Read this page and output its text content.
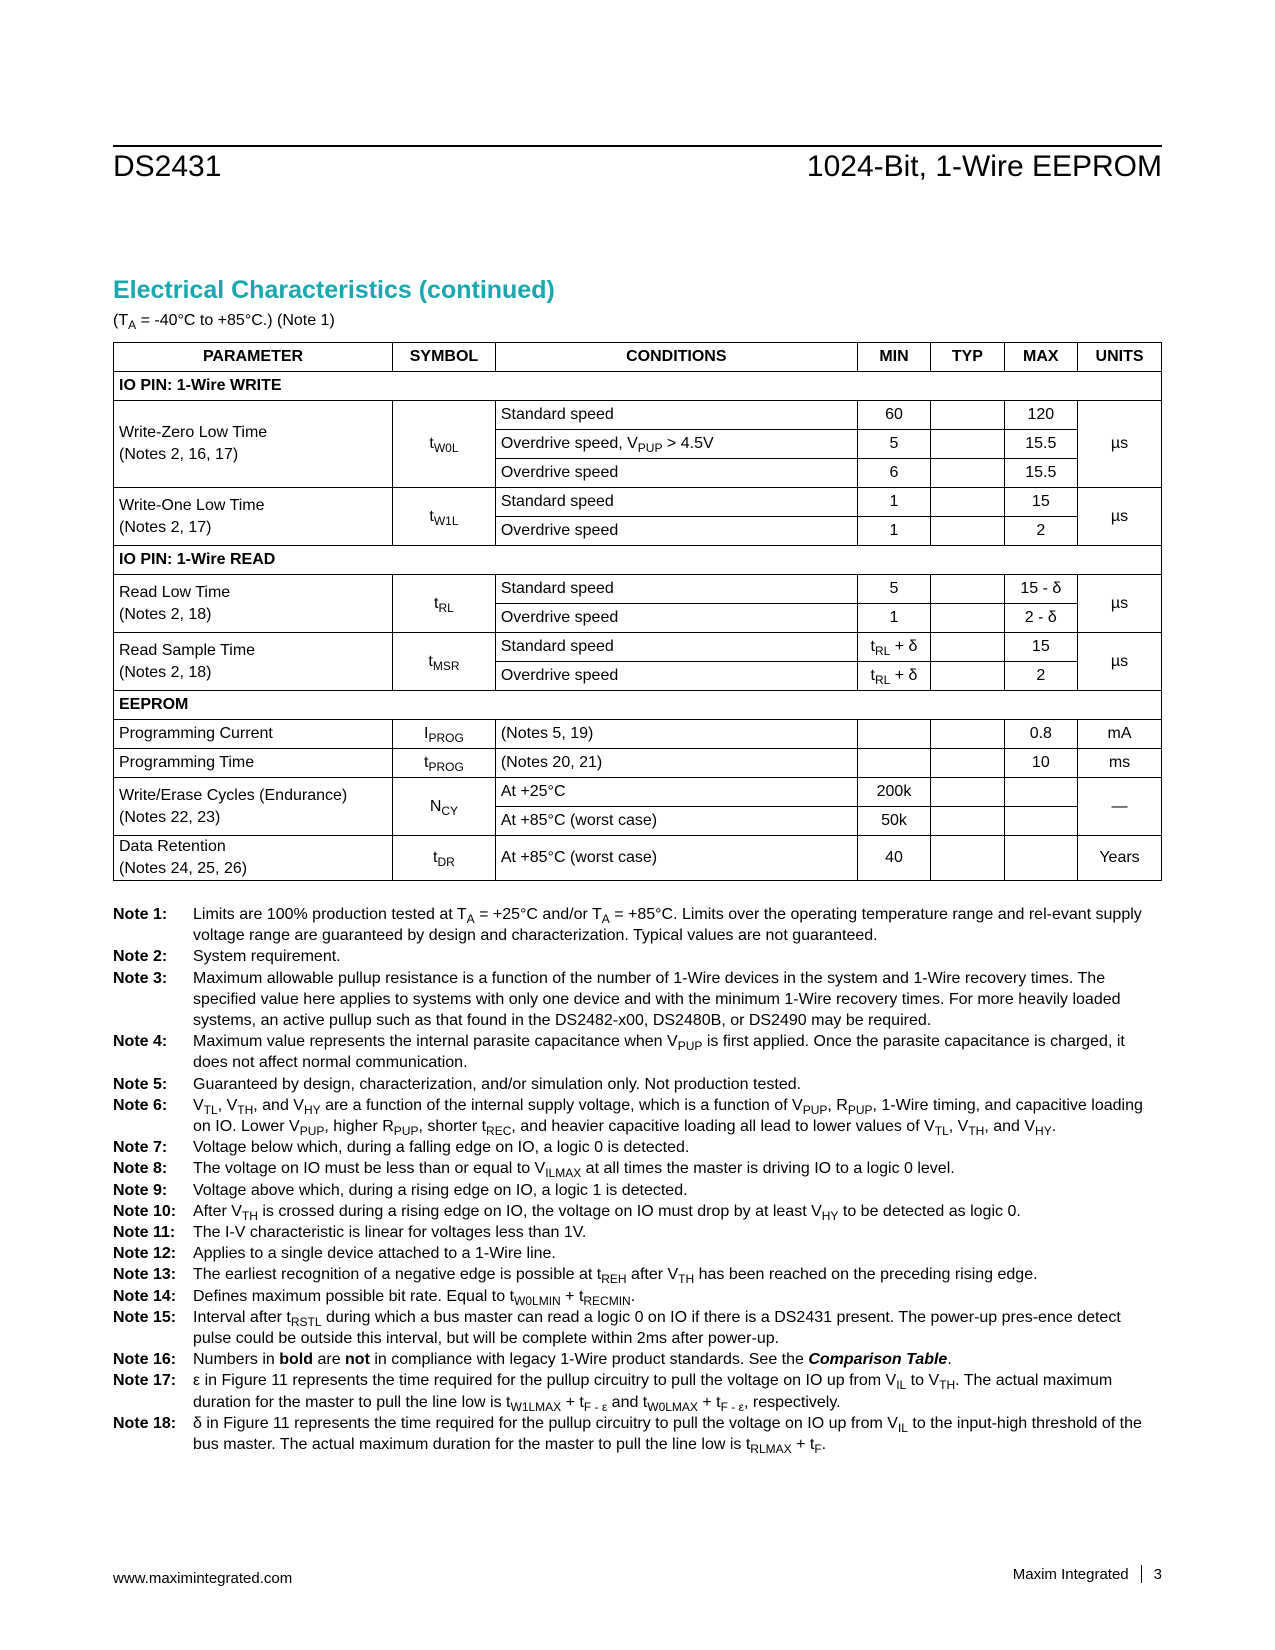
DS2431	1024-Bit, 1-Wire EEPROM
Electrical Characteristics (continued)
($T_A = -40^\circ C$ to +85°C.) (Note 1)
PARAMETER	SYMBOL	CONDITIONS	MIN	TYP	MAX	UNITS
IO PIN: 1-Wire WRITE						
Write-Zero Low Time
(Notes 2, 16, 17)	$t_{W0L}$	Standard speed	60		120	µs
		Overdrive speed, $V_{PUP} > 4.5V$	5		15.5	
		Overdrive speed	6		15.5	
Write-One Low Time
(Notes 2, 17)	$t_{W1L}$	Standard speed	1		15	µs
		Overdrive speed	1		2	
IO PIN: 1-Wire READ						
Read Low Time
(Notes 2, 18)	$t_{RL}$	Standard speed	5		15 - δ	µs
		Overdrive speed	1		2 - δ	
Read Sample Time
(Notes 2, 18)	$t_{MSR}$	Standard speed	$t_{RL} + \delta$		15	µs
		Overdrive speed	$t_{RL} + \delta$		2	
EEPROM						
Programming Current	$I_{PROG}$	(Notes 5, 19)			0.8	mA
Programming Time	$t_{PROG}$	(Notes 20, 21)			10	ms
Write/Erase Cycles (Endurance)
(Notes 22, 23)	$N_{CY}$	At +25°C	200k			—
		At +85°C (worst case)	50k			
Data Retention
(Notes 24, 25, 26)	$t_{DR}$	At +85°C (worst case)	40			Years
Note 1:	Limits are 100% production tested at $T_A = +25^\circ C$ and/or $T_A = +85^\circ C$. Limits over the operating temperature range and rel-evant supply voltage range are guaranteed by design and characterization. Typical values are not guaranteed.
Note 2:	System requirement.
Note 3:	Maximum allowable pullup resistance is a function of the number of 1-Wire devices in the system and 1-Wire recovery times. The specified value here applies to systems with only one device and with the minimum 1-Wire recovery times. For more heavily loaded systems, an active pullup such as that found in the DS2482-x00, DS2480B, or DS2490 may be required.
Note 4:	Maximum value represents the internal parasite capacitance when $V_{PUP}$ is first applied. Once the parasite capacitance is charged, it does not affect normal communication.
Note 5:	Guaranteed by design, characterization, and/or simulation only. Not production tested.
Note 6:	$V_{TL}$, $V_{TH}$, and $V_{HY}$ are a function of the internal supply voltage, which is a function of $V_{PUP}$, $R_{PUP}$, 1-Wire timing, and capacitive loading on IO. Lower $V_{PUP}$, higher $R_{PUP}$, shorter $t_{REC}$, and heavier capacitive loading all lead to lower values of $V_{TL}$, $V_{TH}$, and $V_{HY}$.
Note 7:	Voltage below which, during a falling edge on IO, a logic 0 is detected.
Note 8:	The voltage on IO must be less than or equal to $V_{ILMAX}$ at all times the master is driving IO to a logic 0 level.
Note 9:	Voltage above which, during a rising edge on IO, a logic 1 is detected.
Note 10:	After $V_{TH}$ is crossed during a rising edge on IO, the voltage on IO must drop by at least $V_{HY}$ to be detected as logic 0.
Note 11:	The I-V characteristic is linear for voltages less than 1V.
Note 12:	Applies to a single device attached to a 1-Wire line.
Note 13:	The earliest recognition of a negative edge is possible at $t_{REH}$ after $V_{TH}$ has been reached on the preceding rising edge.
Note 14:	Defines maximum possible bit rate. Equal to $t_{W0LMIN} + t_{RECMIN}$.
Note 15:	Interval after $t_{RSTL}$ during which a bus master can read a logic 0 on IO if there is a DS2431 present. The power-up pres-ence detect pulse could be outside this interval, but will be complete within 2ms after power-up.
Note 16:	Numbers in bold are not in compliance with legacy 1-Wire product standards. See the Comparison Table.
Note 17:	ε in Figure 11 represents the time required for the pullup circuitry to pull the voltage on IO up from $V_{IL}$ to $V_{TH}$. The actual maximum duration for the master to pull the line low is $t_{W1LMAX} + t_{F - \varepsilon}$ and $t_{W0LMAX} + t_{F - \varepsilon}$, respectively.
Note 18:	δ in Figure 11 represents the time required for the pullup circuitry to pull the voltage on IO up from $V_{IL}$ to the input-high threshold of the bus master. The actual maximum duration for the master to pull the line low is $t_{RLMAX} + t_F$.
www.maximintegrated.com	Maxim Integrated 3
